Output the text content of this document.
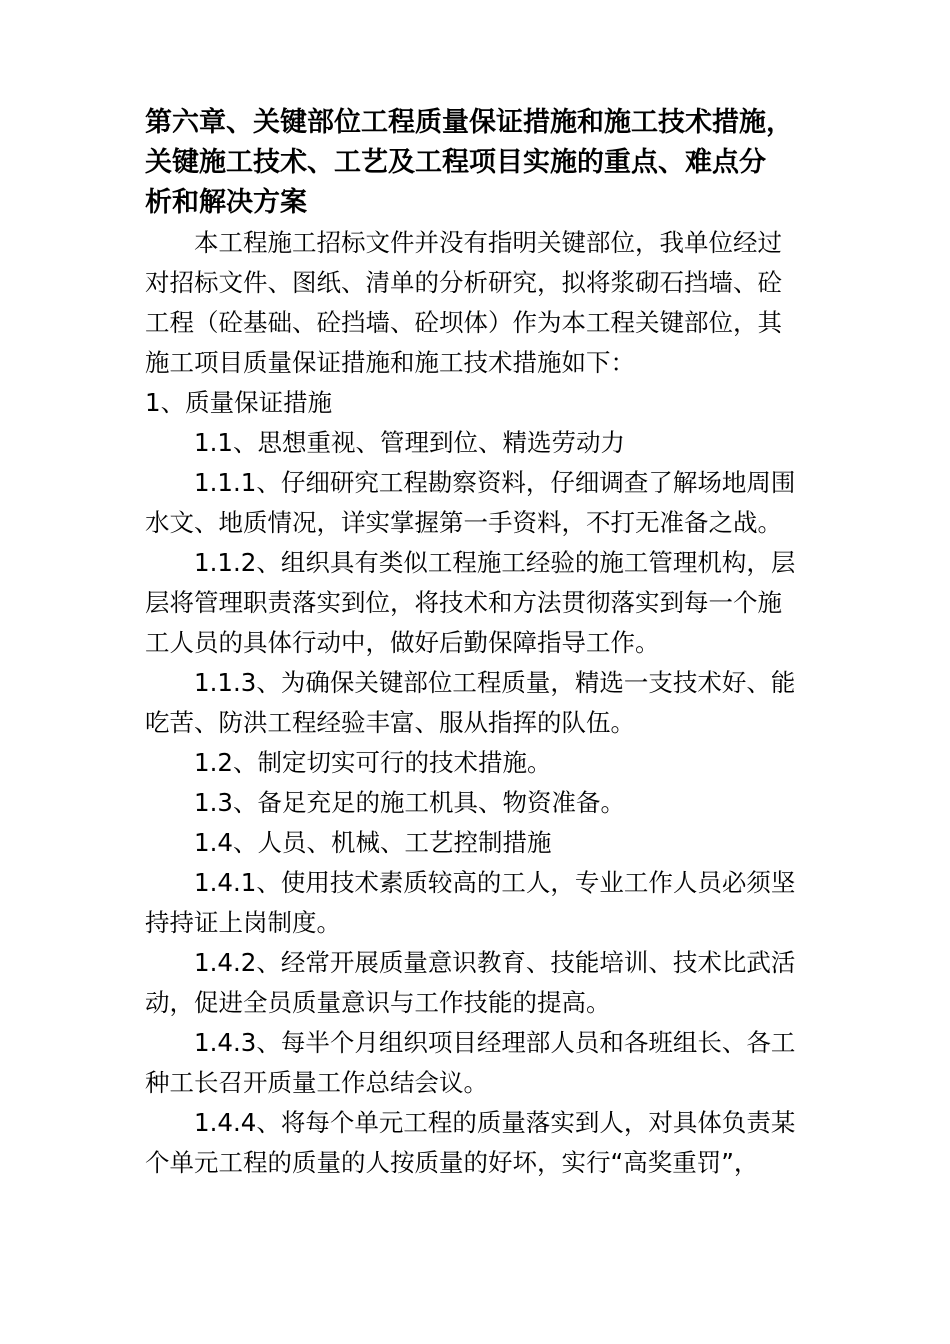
第六章、关键部位工程质量保证措施和施工技术措施，
关键施工技术、工艺及工程项目实施的重点、难点分
析和解决方案
本工程施工招标文件并没有指明关键部位，我单位经过
对招标文件、图纸、清单的分析研究，拟将浆砌石挡墙、砼
工程（砼基础、砼挡墙、砼坝体）作为本工程关键部位，其
施工项目质量保证措施和施工技术措施如下：
1、质量保证措施
1.1、思想重视、管理到位、精选劳动力
1.1.1、仔细研究工程勘察资料，仔细调查了解场地周围
水文、地质情况，详实掌握第一手资料，不打无准备之战。
1.1.2、组织具有类似工程施工经验的施工管理机构，层
层将管理职责落实到位，将技术和方法贯彻落实到每一个施
工人员的具体行动中，做好后勤保障指导工作。
1.1.3、为确保关键部位工程质量，精选一支技术好、能
吃苦、防洪工程经验丰富、服从指挥的队伍。
1.2、制定切实可行的技术措施。
1.3、备足充足的施工机具、物资准备。
1.4、人员、机械、工艺控制措施
1.4.1、使用技术素质较高的工人，专业工作人员必须坚
持持证上岗制度。
1.4.2、经常开展质量意识教育、技能培训、技术比武活
动，促进全员质量意识与工作技能的提高。
1.4.3、每半个月组织项目经理部人员和各班组长、各工
种工长召开质量工作总结会议。
1.4.4、将每个单元工程的质量落实到人，对具体负责某
个单元工程的质量的人按质量的好坏，实行“高奖重罚”，
